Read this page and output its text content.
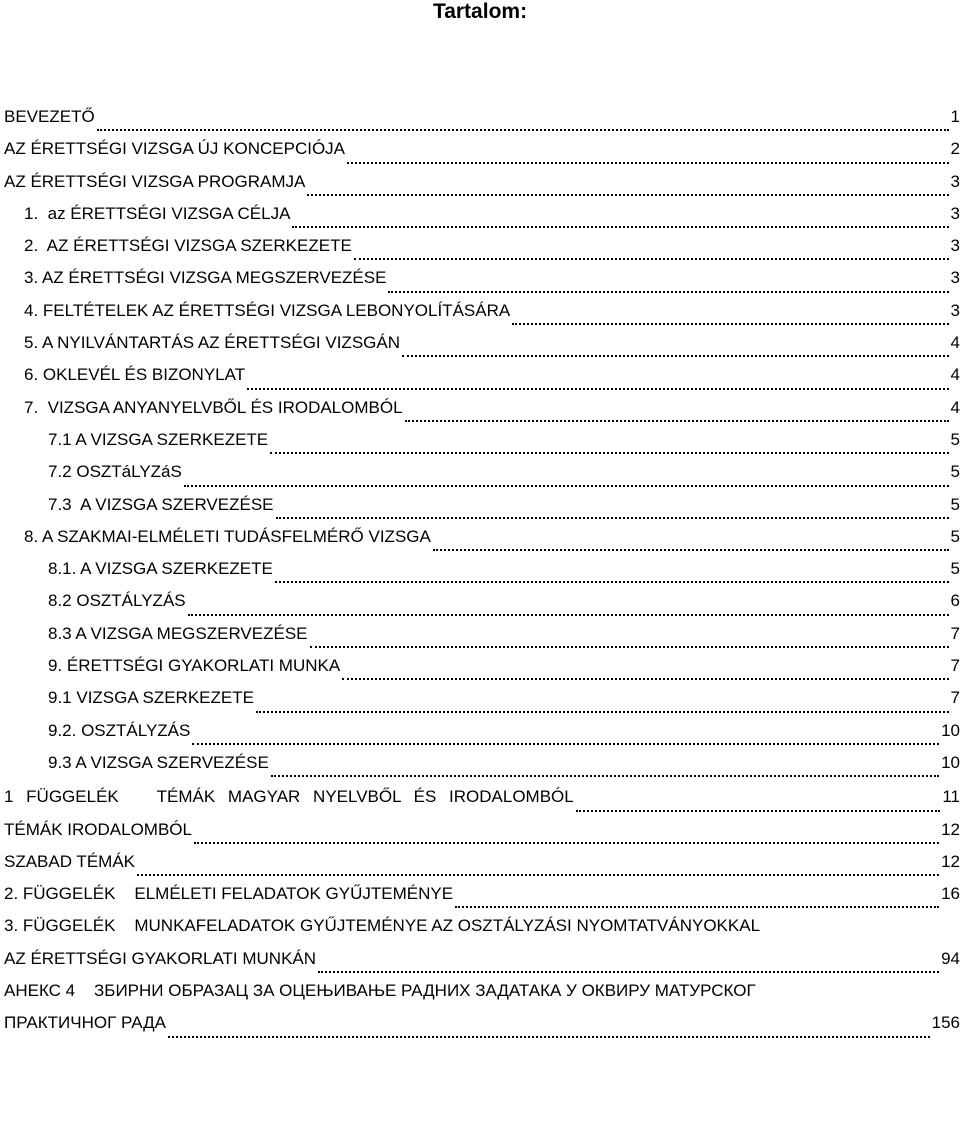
Tartalom:
BEVEZETŐ	1
AZ ÉRETTSÉGI VIZSGA ÚJ KONCEPCIÓJA	2
AZ ÉRETTSÉGI VIZSGA PROGRAMJA	3
1.  az ÉRETTSÉGI VIZSGA CÉLJA	3
2.  AZ ÉRETTSÉGI VIZSGA SZERKEZETE	3
3. AZ ÉRETTSÉGI VIZSGA MEGSZERVEZÉSE	3
4. FELTÉTELEK AZ ÉRETTSÉGI VIZSGA LEBONYOLÍTÁSÁRA	3
5. A NYILVÁNTARTÁS AZ ÉRETTSÉGI VIZSGÁN	4
6. OKLEVÉL ÉS BIZONYLAT	4
7.  VIZSGA ANYANYELVBŐL ÉS IRODALOMBÓL	4
7.1 A VIZSGA SZERKEZETE	5
7.2 OSZTáLYZáS	5
7.3  A VIZSGA SZERVEZÉSE	5
8. A SZAKMAI-ELMÉLETI TUDÁSFELMÉRŐ VIZSGA	5
8.1. A VIZSGA SZERKEZETE	5
8.2 OSZTÁLYZÁS	6
8.3 A VIZSGA MEGSZERVEZÉSE	7
9. ÉRETTSÉGI GYAKORLATI MUNKA	7
9.1 VIZSGA SZERKEZETE	7
9.2. OSZTÁLYZÁS	10
9.3 A VIZSGA SZERVEZÉSE	10
1 FÜGGELÉK   TÉMÁK MAGYAR NYELVBŐL ÉS IRODALOMBÓL	11
TÉMÁK IRODALOMBÓL	12
SZABAD TÉMÁK	12
2. FÜGGELÉK    ELMÉLETI FELADATOK GYŰJTEMÉNYE	16
3. FÜGGELÉK    MUNKAFELADATOK GYŰJTEMÉNYE AZ OSZTÁLYZÁSI NYOMTATVÁNYOKKAL
AZ ÉRETTSÉGI GYAKORLATI MUNKÁN	94
АНЕКС 4    ЗБИРНИ ОБРАЗАЦ ЗА ОЦЕЊИВАЊЕ РАДНИХ ЗАДАТАКА У ОКВИРУ МАТУРСКОГ
ПРАКТИЧНОГ РАДА	156
